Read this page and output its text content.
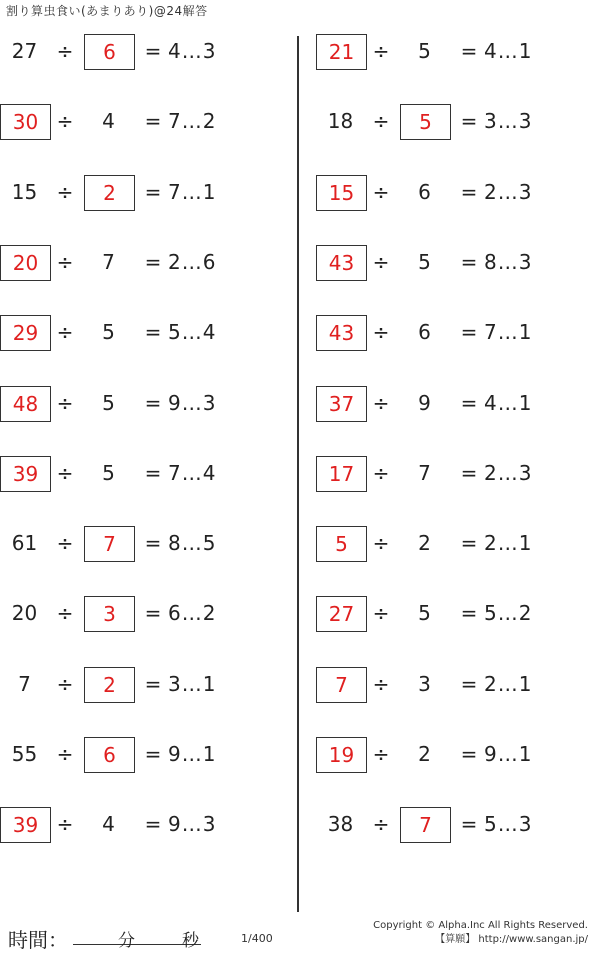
割り算虫食い(あまりあり)@24解答
27 ÷	6	= 4…3
30 ÷	4	= 7…2
15 ÷	2	= 7…1
20 ÷	7	= 2…6
29 ÷	5	= 5…4
48 ÷	5	= 9…3
39 ÷	5	= 7…4
61 ÷	7	= 8…5
20 ÷	3	= 6…2
7	÷	2	= 3…1
55 ÷	6	= 9…1
39 ÷	4	= 9…3
21 ÷	5	= 4…1
18 ÷	5	= 3…3
15 ÷	6	= 2…3
43 ÷	5	= 8…3
43 ÷	6	= 7…1
37 ÷	9	= 4…1
17 ÷	7	= 2…3
5	÷	2	= 2…1
27 ÷	5	= 5…2
7	÷	3	= 2…1
19 ÷	2	= 9…1
38 ÷	7	= 5…3
時間：	分	秒	1/400
Copyright © Alpha.Inc All Rights Reserved.
【算願】 http://www.sangan.jp/
